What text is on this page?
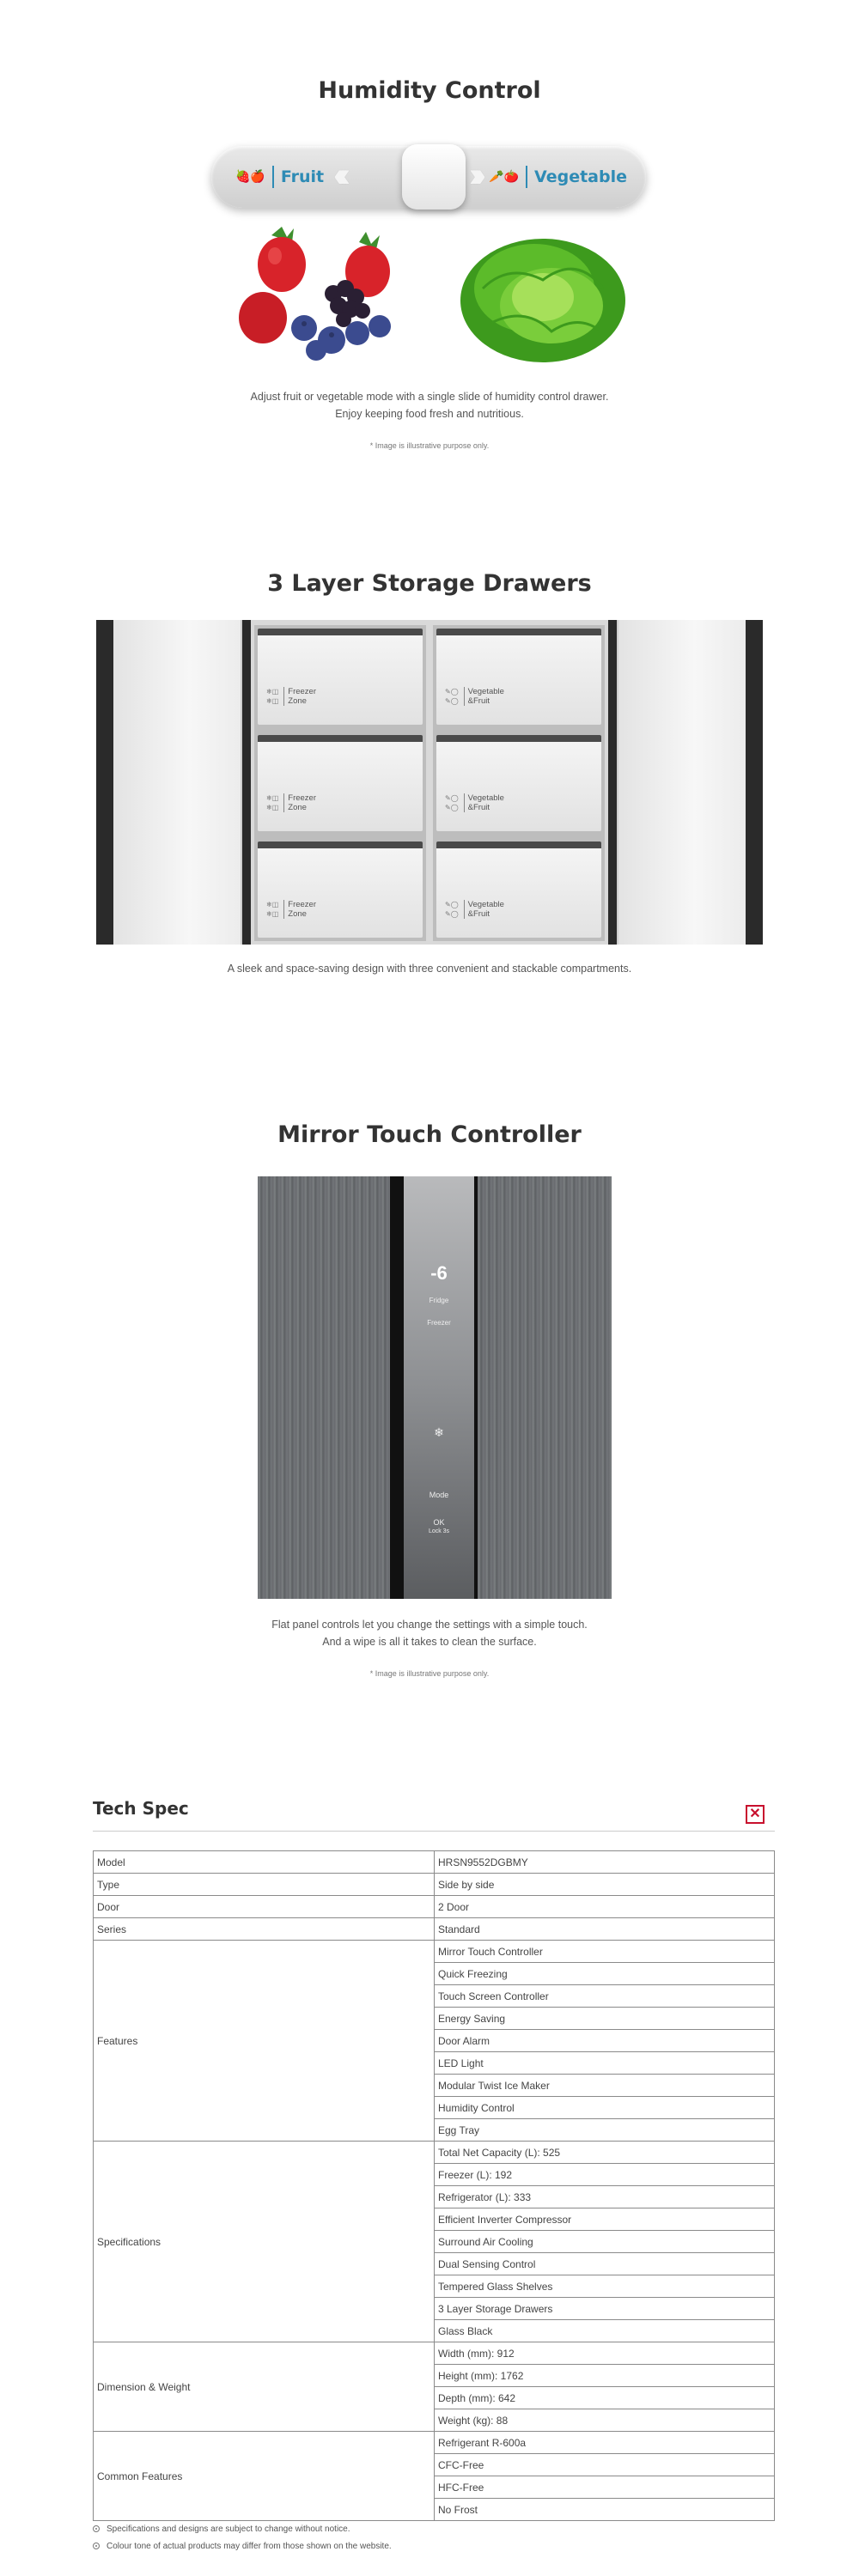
Humidity Control
🍓🍎 Fruit ‹‹‹	››› 🥕🍅 Vegetable
Adjust fruit or vegetable mode with a single slide of humidity control drawer.
Enjoy keeping food fresh and nutritious.
* Image is illustrative purpose only.
3 Layer Storage Drawers
❄◫
❄◫
Freezer
Zone
❄◫
❄◫
Freezer
Zone
❄◫
❄◫
Freezer
Zone
✎◯
✎◯
Vegetable
&Fruit
✎◯
✎◯
Vegetable
&Fruit
✎◯
✎◯
Vegetable
&Fruit
A sleek and space-saving design with three convenient and stackable compartments.
Mirror Touch Controller
-6
Fridge
Freezer
❄
Mode
OK
Lock 3s
Flat panel controls let you change the settings with a simple touch.
And a wipe is all it takes to clean the surface.
* Image is illustrative purpose only.
Tech Spec	✕
Model	HRSN9552DGBMY
Type	Side by side
Door	2 Door
Series	Standard
Features	Mirror Touch Controller
	Quick Freezing
	Touch Screen Controller
	Energy Saving
	Door Alarm
	LED Light
	Modular Twist Ice Maker
	Humidity Control
	Egg Tray
Specifications	Total Net Capacity (L): 525
	Freezer (L): 192
	Refrigerator (L): 333
	Efficient Inverter Compressor
	Surround Air Cooling
	Dual Sensing Control
	Tempered Glass Shelves
	3 Layer Storage Drawers
	Glass Black
Dimension & Weight	Width (mm): 912
	Height (mm): 1762
	Depth (mm): 642
	Weight (kg): 88
Common Features	Refrigerant R-600a
	CFC-Free
	HFC-Free
	No Frost
Specifications and designs are subject to change without notice.
Colour tone of actual products may differ from those shown on the website.
